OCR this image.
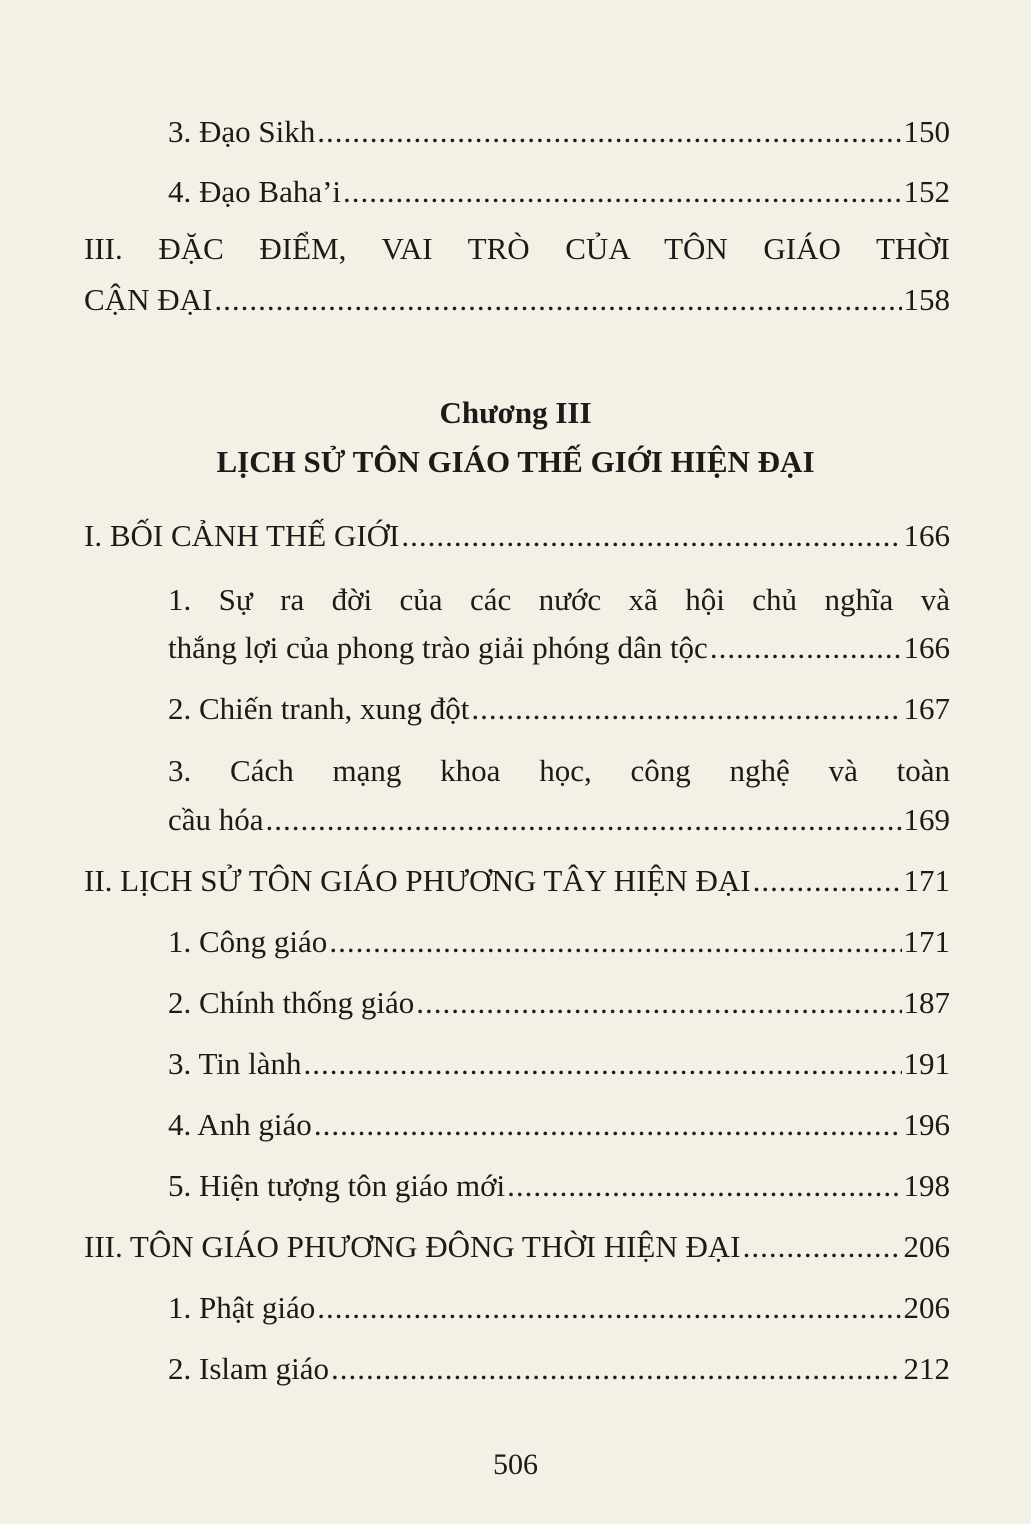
3. Đạo Sikh .....	150
4. Đạo Baha’i .....	152
III. ĐẶC ĐIỂM, VAI TRÒ CỦA TÔN GIÁO THỜI
CẬN ĐẠI .....	158
Chương III
LỊCH SỬ TÔN GIÁO THẾ GIỚI HIỆN ĐẠI
I. BỐI CẢNH THẾ GIỚI .....	166
1. Sự ra đời của các nước xã hội chủ nghĩa và
thắng lợi của phong trào giải phóng dân tộc .....	166
2. Chiến tranh, xung đột .....	167
3. Cách mạng khoa học, công nghệ và toàn
cầu hóa .....	169
II. LỊCH SỬ TÔN GIÁO PHƯƠNG TÂY HIỆN ĐẠI .....	171
1. Công giáo .....	171
2. Chính thống giáo .....	187
3. Tin lành .....	191
4. Anh giáo .....	196
5. Hiện tượng tôn giáo mới .....	198
III. TÔN GIÁO PHƯƠNG ĐÔNG THỜI HIỆN ĐẠI .....	206
1. Phật giáo .....	206
2. Islam giáo .....	212
506
